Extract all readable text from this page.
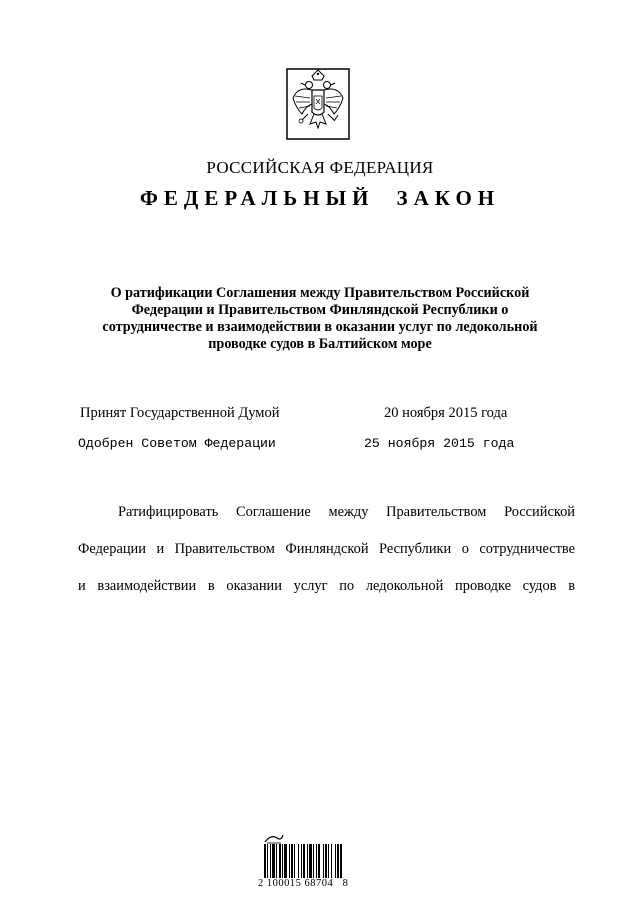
РОССИЙСКАЯ ФЕДЕРАЦИЯ
ФЕДЕРАЛЬНЫЙ ЗАКОН
О ратификации Соглашения между Правительством Российской
Федерации и Правительством Финляндской Республики о
сотрудничестве и взаимодействии в оказании услуг по ледокольной
проводке судов в Балтийском море
Принят Государственной Думой	20 ноября 2015 года
Одобрен Советом Федерации	25 ноября 2015 года
Ратифицировать Соглашение между Правительством Российской
Федерации и Правительством Финляндской Республики о сотрудничестве
и взаимодействии в оказании услуг по ледокольной проводке судов в
2 100015 68704   8
